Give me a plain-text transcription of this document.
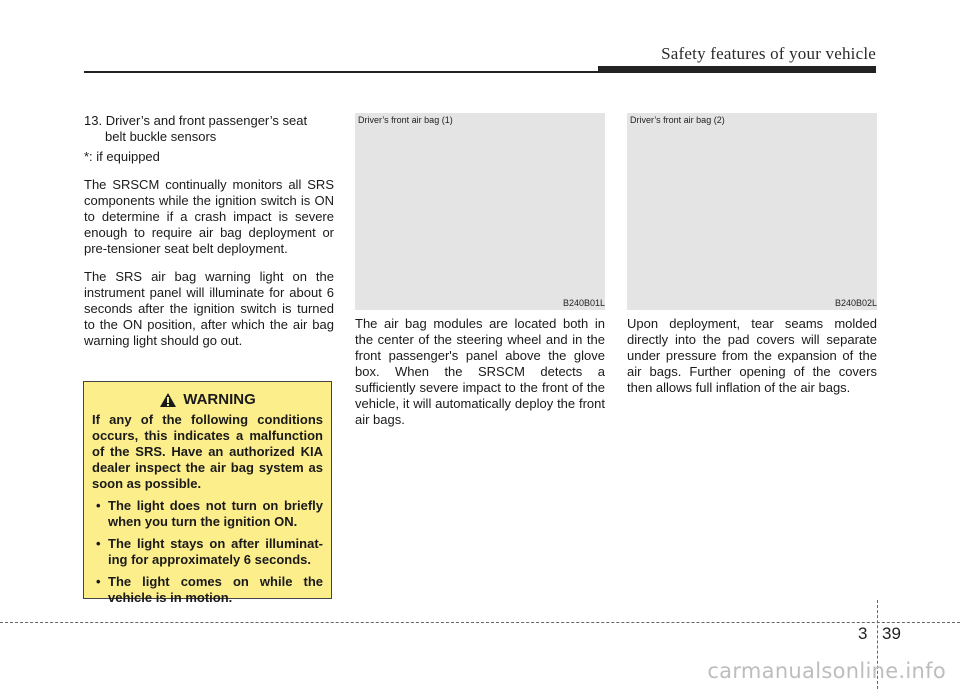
Safety features of your vehicle
13. Driver’s and front passenger’s seat
belt buckle sensors
*: if equipped

The SRSCM continually monitors all SRS components while the ignition switch is ON to determine if a crash impact is severe enough to require air bag deployment or pre-tensioner seat belt deployment.

The SRS air bag warning light on the instrument panel will illuminate for about 6 seconds after the ignition switch is turned to the ON position, after which the air bag warning light should go out.

WARNING

If any of the following conditions occurs, this indicates a malfunction of the SRS. Have an authorized KIA dealer inspect the air bag system as soon as possible.

• The light does not turn on briefly when you turn the ignition ON.
• The light stays on after illuminat-ing for approximately 6 seconds.
• The light comes on while the vehicle is in motion.
Driver’s front air bag (1)
B240B01L
Driver’s front air bag (2)
B240B02L

The air bag modules are located both in the center of the steering wheel and in the front passenger's panel above the glove box. When the SRSCM detects a sufficiently severe impact to the front of the vehicle, it will automatically deploy the front air bags.

Upon deployment, tear seams molded directly into the pad covers will separate under pressure from the expansion of the air bags. Further opening of the covers then allows full inflation of the air bags.

3 39
carmanualsonline.info
